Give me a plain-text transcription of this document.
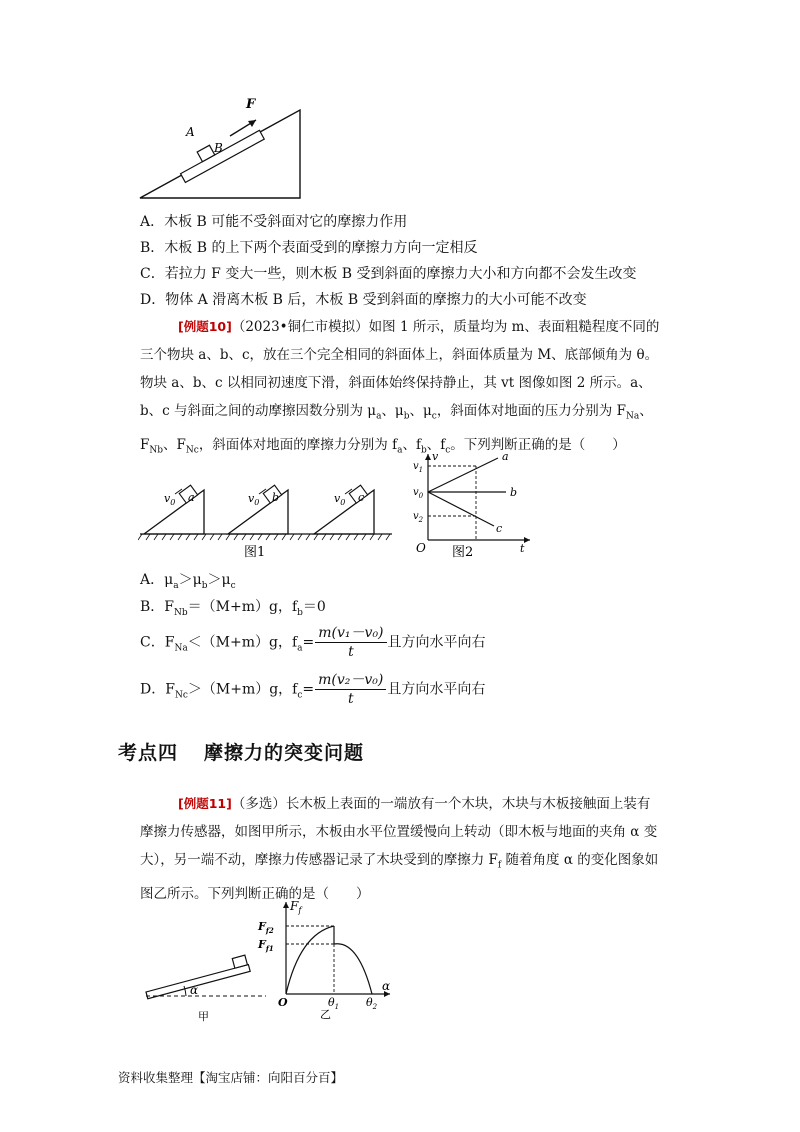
F
A
B
A．木板 B 可能不受斜面对它的摩擦力作用
B．木板 B 的上下两个表面受到的摩擦力方向一定相反
C．若拉力 F 变大一些，则木板 B 受到斜面的摩擦力大小和方向都不会发生改变
D．物体 A 滑离木板 B 后，木板 B 受到斜面的摩擦力的大小可能不改变
[例题10]（2023•铜仁市模拟）如图 1 所示，质量均为 m、表面粗糙程度不同的三个物块 a、b、c，放在三个完全相同的斜面体上，斜面体质量为 M、底部倾角为 θ。物块 a、b、c 以相同初速度下滑，斜面体始终保持静止，其 vt 图像如图 2 所示。a、b、c 与斜面之间的动摩擦因数分别为 $\mu_a$、$\mu_b$、$\mu_c$，斜面体对地面的压力分别为 $F_{Na}$、$F_{Nb}$、$F_{Nc}$，斜面体对地面的摩擦力分别为 $f_a$、$f_b$、$f_c$。下列判断正确的是（　　）
a
$v_0$	b
$v_0$	c
$v_0$
图1
v
t
O
$v_1$
$v_0$
$v_2$
a
b
c
图2
A．$\mu_a>\mu_b>\mu_c$
B．$F_{Nb}=(M+m)g$，$f_b=0$
C．$F_{Na}<(M+m)g$，$f_a= \frac{\text{m(v₁－v₀)}}{t}$ 且方向水平向右
D．$F_{Nc}>(M+m)g$，$f_c= \frac{\text{m(v₂－v₀)}}{t}$ 且方向水平向右
考点四 摩擦力的突变问题
[例题11]（多选）长木板上表面的一端放有一个木块，木块与木板接触面上装有摩擦力传感器，如图甲所示，木板由水平位置缓慢向上转动（即木板与地面的夹角 α 变大），另一端不动，摩擦力传感器记录了木块受到的摩擦力 $F_f$ 随着角度 α 的变化图象如图乙所示。下列判断正确的是（　　）
α
甲
$F_f$
α
O
$F_{f2}$
$F_{f1}$
$\theta_1$ $\theta_2$
乙
资料收集整理【淘宝店铺：向阳百分百】
